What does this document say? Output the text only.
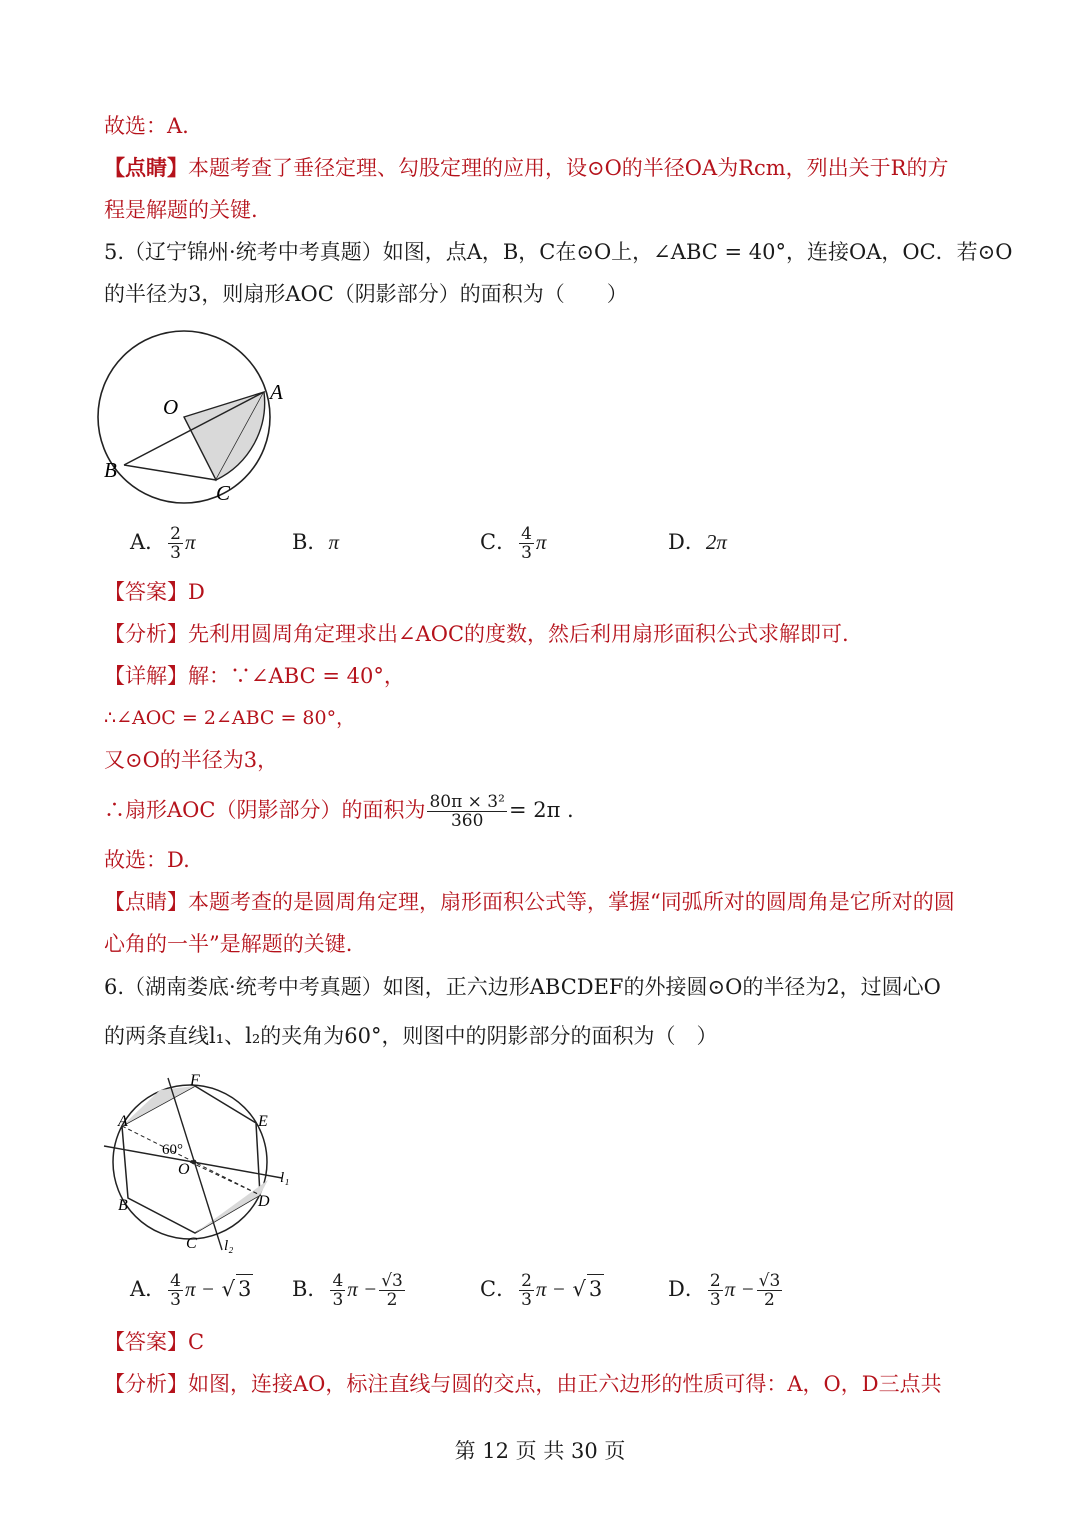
故选：A.
【点睛】本题考查了垂径定理、勾股定理的应用，设⊙O的半径OA为Rcm，列出关于R的方
程是解题的关键.
5.（辽宁锦州·统考中考真题）如图，点A，B，C在⊙O上，∠ABC = 40°，连接OA，OC．若⊙O
的半径为3，则扇形AOC（阴影部分）的面积为（　　）
O
A
B
C
A． $\frac{2}{3}$ π	B．π	C． $\frac{4}{3}$ π	D．2π
【答案】D
【分析】先利用圆周角定理求出∠AOC的度数，然后利用扇形面积公式求解即可.
【详解】解：∵∠ABC = 40°，
∴∠AOC = 2∠ABC = 80°，
又⊙O的半径为3，
∴扇形AOC（阴影部分）的面积为 $\frac{\text{80π × 3²}}{360} = 2\pi$ .
故选：D.
【点睛】本题考查的是圆周角定理，扇形面积公式等，掌握“同弧所对的圆周角是它所对的圆
心角的一半”是解题的关键.
6.（湖南娄底·统考中考真题）如图，正六边形ABCDEF的外接圆⊙O的半径为2，过圆心O
的两条直线l₁、l₂的夹角为60°，则图中的阴影部分的面积为（　）
F
A	E
60°
O	l₁
B	D
C l₂
A． $\frac{4}{3}$ π − √ 3 B． $\frac{4}{3}$ $\pi - \frac{√3}{2}$	C． $\frac{2}{3}$ π − √ 3	D． $\frac{2}{3}$ $\pi - \frac{√3}{2}$
【答案】C
【分析】如图，连接AO，标注直线与圆的交点，由正六边形的性质可得：A，O，D三点共
第 12 页 共 30 页
